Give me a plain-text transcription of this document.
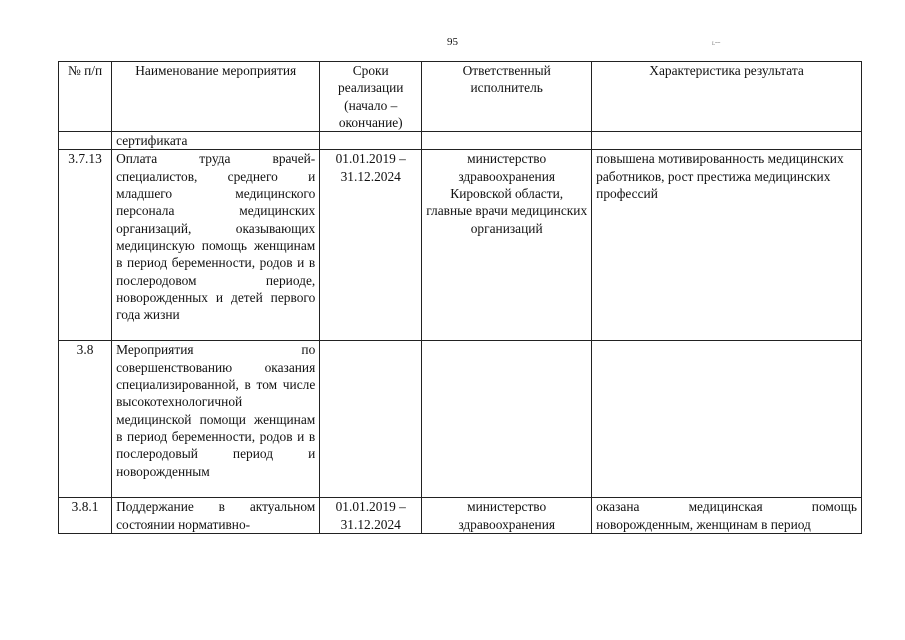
95	ᴸˉˉ
№ п/п	Наименование мероприятия	Сроки реализации (начало – окончание)	Ответственный исполнитель	Характеристика результата
	сертификата			
3.7.13	Оплата труда врачей-специалистов, среднего и младшего медицинского персонала медицинских организаций, оказывающих медицинскую помощь женщинам в период беременности, родов и в послеродовом периоде, новорожденных и детей первого года жизни	01.01.2019 – 31.12.2024	министерство здравоохранения Кировской области, главные врачи медицинских организаций	повышена мотивированность медицинских работников, рост престижа медицинских профессий
3.8	Мероприятия по совершенствованию оказания специализированной, в том числе высокотехнологичной медицинской помощи женщинам в период беременности, родов и в послеродовый период и новорожденным			
3.8.1	Поддержание в актуальном состоянии нормативно-	01.01.2019 – 31.12.2024	министерство здравоохранения	оказана медицинская помощь новорожденным, женщинам в период
